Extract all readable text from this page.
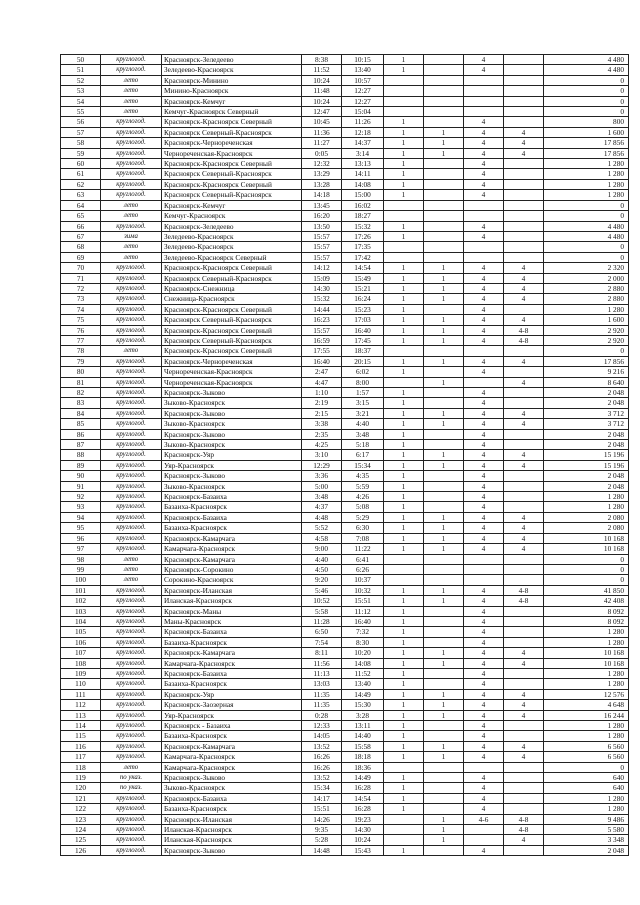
50	круглогод.	Красноярск-Зеледеево	8:38	10:15	1		4		4 480
51	круглогод.	Зеледеево-Красноярск	11:52	13:40	1		4		4 480
52	лето	Красноярск-Минино	10:24	10:57					0
53	лето	Минино-Красноярск	11:48	12:27					0
54	лето	Красноярск-Кемчуг	10:24	12:27					0
55	лето	Кемчуг-Красноярск Северный	12:47	15:04					0
56	круглогод.	Красноярск-Красноярск Северный	10:45	11:26	1		4		800
57	круглогод.	Красноярск Северный-Красноярск	11:36	12:18	1	1	4	4	1 600
58	круглогод.	Красноярск-Чернореченская	11:27	14:37	1	1	4	4	17 856
59	круглогод.	Чернореченская-Красноярск	0:05	3:14	1	1	4	4	17 856
60	круглогод.	Красноярск-Красноярск Северный	12:32	13:13	1		4		1 280
61	круглогод.	Красноярск Северный-Красноярск	13:29	14:11	1		4		1 280
62	круглогод.	Красноярск-Красноярск Северный	13:28	14:08	1		4		1 280
63	круглогод.	Красноярск Северный-Красноярск	14:18	15:00	1		4		1 280
64	лето	Красноярск-Кемчуг	13:45	16:02					0
65	лето	Кемчуг-Красноярск	16:20	18:27					0
66	круглогод.	Красноярск-Зеледеево	13:50	15:32	1		4		4 480
67	зима	Зеледеево-Красноярск	15:57	17:26	1		4		4 480
68	лето	Зеледеево-Красноярск	15:57	17:35					0
69	лето	Зеледеево-Красноярск Северный	15:57	17:42					0
70	круглогод.	Красноярск-Красноярск Северный	14:12	14:54	1	1	4	4	2 320
71	круглогод.	Красноярск Северный-Красноярск	15:09	15:49	1	1	4	4	2 000
72	круглогод.	Красноярск-Снежница	14:30	15:21	1	1	4	4	2 880
73	круглогод.	Снежница-Красноярск	15:32	16:24	1	1	4	4	2 880
74	круглогод.	Красноярск-Красноярск Северный	14:44	15:23	1		4		1 280
75	круглогод.	Красноярск Северный-Красноярск	16:23	17:03	1	1	4	4	1 600
76	круглогод.	Красноярск-Красноярск Северный	15:57	16:40	1	1	4	4-8	2 920
77	круглогод.	Красноярск Северный-Красноярск	16:59	17:45	1	1	4	4-8	2 920
78	лето	Красноярск-Красноярск Северный	17:55	18:37					0
79	круглогод.	Красноярск-Чернореченская	16:40	20:15	1	1	4	4	17 856
80	круглогод.	Чернореченская-Красноярск	2:47	6:02	1		4		9 216
81	круглогод.	Чернореченская-Красноярск	4:47	8:00		1		4	8 640
82	круглогод.	Красноярск-Зыково	1:10	1:57	1		4		2 048
83	круглогод.	Зыково-Красноярск	2:19	3:15	1		4		2 048
84	круглогод.	Красноярск-Зыково	2:15	3:21	1	1	4	4	3 712
85	круглогод.	Зыково-Красноярск	3:38	4:40	1	1	4	4	3 712
86	круглогод.	Красноярск-Зыково	2:35	3:48	1		4		2 048
87	круглогод.	Зыково-Красноярск	4:25	5:18	1		4		2 048
88	круглогод.	Красноярск-Уяр	3:10	6:17	1	1	4	4	15 196
89	круглогод.	Уяр-Красноярск	12:29	15:34	1	1	4	4	15 196
90	круглогод.	Красноярск-Зыково	3:36	4:35	1		4		2 048
91	круглогод.	Зыково-Красноярск	5:00	5:59	1		4		2 048
92	круглогод.	Красноярск-Базаиха	3:48	4:26	1		4		1 280
93	круглогод.	Базаиха-Красноярск	4:37	5:08	1		4		1 280
94	круглогод.	Красноярск-Базаиха	4:48	5:29	1	1	4	4	2 080
95	круглогод.	Базаиха-Красноярск	5:52	6:30	1	1	4	4	2 080
96	круглогод.	Красноярск-Камарчага	4:58	7:08	1	1	4	4	10 168
97	круглогод.	Камарчага-Красноярск	9:00	11:22	1	1	4	4	10 168
98	лето	Красноярск-Камарчага	4:40	6:41					0
99	лето	Красноярск-Сорокино	4:50	6:26					0
100	лето	Сорокино-Красноярск	9:20	10:37					0
101	круглогод.	Красноярск-Иланская	5:46	10:32	1	1	4	4-8	41 850
102	круглогод.	Иланская-Красноярск	10:52	15:51	1	1	4	4-8	42 408
103	круглогод.	Красноярск-Маны	5:58	11:12	1		4		8 092
104	круглогод.	Маны-Красноярск	11:28	16:40	1		4		8 092
105	круглогод.	Красноярск-Базаиха	6:50	7:32	1		4		1 280
106	круглогод.	Базаиха-Красноярск	7:54	8:30	1		4		1 280
107	круглогод.	Красноярск-Камарчага	8:11	10:20	1	1	4	4	10 168
108	круглогод.	Камарчага-Красноярск	11:56	14:08	1	1	4	4	10 168
109	круглогод.	Красноярск-Базаиха	11:13	11:52	1		4		1 280
110	круглогод.	Базаиха-Красноярск	13:03	13:40	1		4		1 280
111	круглогод.	Красноярск-Уяр	11:35	14:49	1	1	4	4	12 576
112	круглогод.	Красноярск-Заозерная	11:35	15:30	1	1	4	4	4 648
113	круглогод.	Уяр-Красноярск	0:28	3:28	1	1	4	4	16 244
114	круглогод.	Красноярск - Базаиха	12:33	13:11	1		4		1 280
115	круглогод.	Базаиха-Красноярск	14:05	14:40	1		4		1 280
116	круглогод.	Красноярск-Камарчага	13:52	15:58	1	1	4	4	6 560
117	круглогод.	Камарчага-Красноярск	16:26	18:18	1	1	4	4	6 560
118	лето	Камарчага-Красноярск	16:26	18:36					0
119	по указ.	Красноярск-Зыково	13:52	14:49	1		4		640
120	по указ.	Зыково-Красноярск	15:34	16:28	1		4		640
121	круглогод.	Красноярск-Базаиха	14:17	14:54	1		4		1 280
122	круглогод.	Базаиха-Красноярск	15:51	16:28	1		4		1 280
123	круглогод.	Красноярск-Иланская	14:26	19:23		1	4-6	4-8	9 486
124	круглогод.	Иланская-Красноярск	9:35	14:30		1		4-8	5 580
125	круглогод.	Иланская-Красноярск	5:28	10:24		1		4	3 348
126	круглогод.	Красноярск-Зыково	14:48	15:43	1		4		2 048
